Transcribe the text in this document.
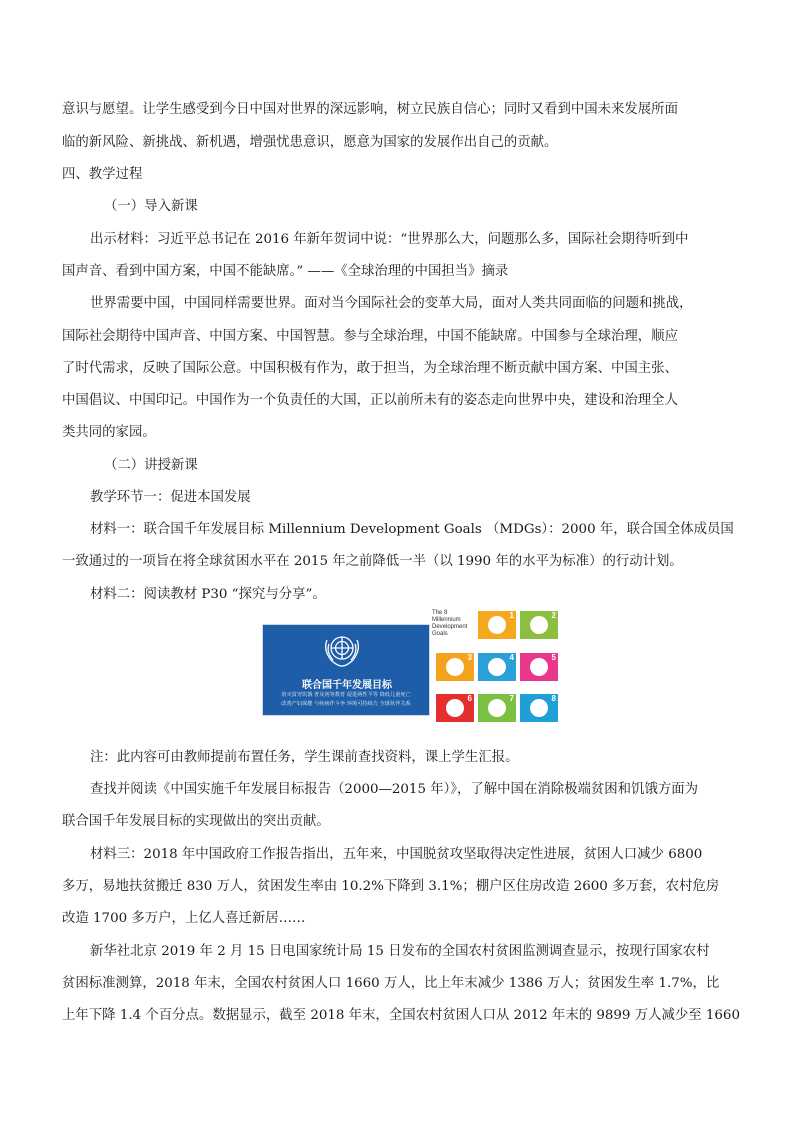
意识与愿望。让学生感受到今日中国对世界的深远影响，树立民族自信心；同时又看到中国未来发展所面
临的新风险、新挑战、新机遇，增强忧患意识，愿意为国家的发展作出自己的贡献。
四、教学过程
（一）导入新课
出示材料：习近平总书记在 2016 年新年贺词中说：“世界那么大，问题那么多，国际社会期待听到中
国声音、看到中国方案，中国不能缺席。” ——《全球治理的中国担当》摘录
世界需要中国，中国同样需要世界。面对当今国际社会的变革大局，面对人类共同面临的问题和挑战，
国际社会期待中国声音、中国方案、中国智慧。参与全球治理，中国不能缺席。中国参与全球治理，顺应
了时代需求，反映了国际公意。中国积极有作为，敢于担当，为全球治理不断贡献中国方案、中国主张、
中国倡议、中国印记。中国作为一个负责任的大国，正以前所未有的姿态走向世界中央，建设和治理全人
类共同的家园。
（二）讲授新课
教学环节一：促进本国发展
材料一：联合国千年发展目标 Millennium Development Goals （MDGs）：2000 年，联合国全体成员国
一致通过的一项旨在将全球贫困水平在 2015 年之前降低一半（以 1990 年的水平为标准）的行动计划。
材料二：阅读教材 P30 “探究与分享”。
联合国千年发展目标
消灭贫穷饥饿 普及初等教育 促进两性平等 降低儿童死亡
改善产妇保健 与疾病作斗争 环境可持续力 全球伙伴关系
The 8 Millennium Development Goals
1	2
3	4	5
6	7	8
注：此内容可由教师提前布置任务，学生课前查找资料，课上学生汇报。
查找并阅读《中国实施千年发展目标报告（2000—2015 年）》，了解中国在消除极端贫困和饥饿方面为
联合国千年发展目标的实现做出的突出贡献。
材料三：2018 年中国政府工作报告指出，五年来，中国脱贫攻坚取得决定性进展，贫困人口减少 6800
多万，易地扶贫搬迁 830 万人，贫困发生率由 10.2%下降到 3.1%；棚户区住房改造 2600 多万套，农村危房
改造 1700 多万户，上亿人喜迁新居……
新华社北京 2019 年 2 月 15 日电国家统计局 15 日发布的全国农村贫困监测调查显示，按现行国家农村
贫困标准测算，2018 年末，全国农村贫困人口 1660 万人，比上年末减少 1386 万人；贫困发生率 1.7%，比
上年下降 1.4 个百分点。数据显示，截至 2018 年末，全国农村贫困人口从 2012 年末的 9899 万人减少至 1660
